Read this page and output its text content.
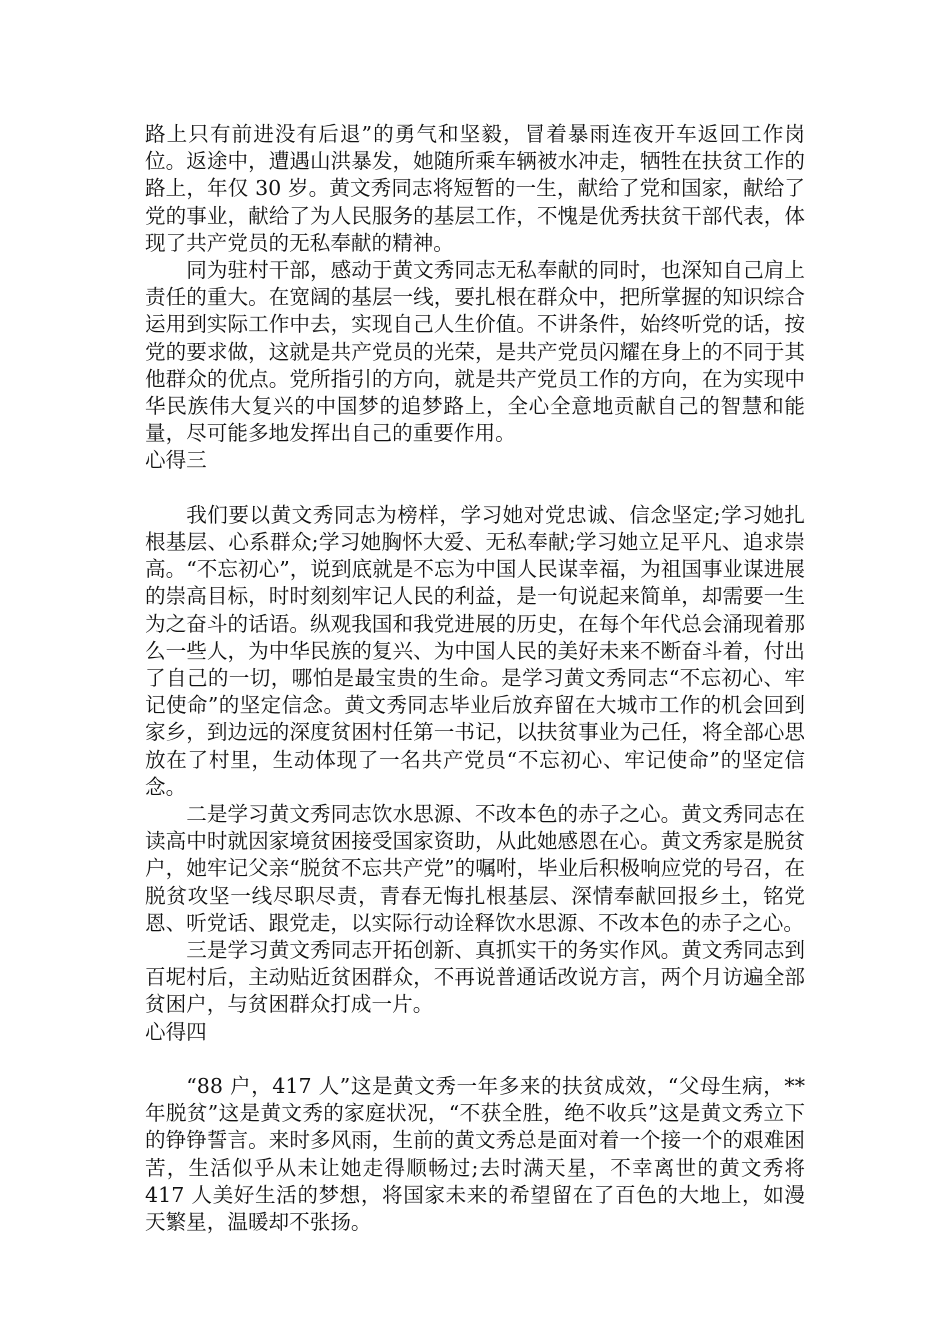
路上只有前进没有后退”的勇气和坚毅，冒着暴雨连夜开车返回工作岗位。返途中，遭遇山洪暴发，她随所乘车辆被水冲走，牺牲在扶贫工作的路上，年仅 30 岁。黄文秀同志将短暂的一生，献给了党和国家，献给了党的事业，献给了为人民服务的基层工作，不愧是优秀扶贫干部代表，体现了共产党员的无私奉献的精神。

同为驻村干部，感动于黄文秀同志无私奉献的同时，也深知自己肩上责任的重大。在宽阔的基层一线，要扎根在群众中，把所掌握的知识综合运用到实际工作中去，实现自己人生价值。不讲条件，始终听党的话，按党的要求做，这就是共产党员的光荣，是共产党员闪耀在身上的不同于其他群众的优点。党所指引的方向，就是共产党员工作的方向，在为实现中华民族伟大复兴的中国梦的追梦路上，全心全意地贡献自己的智慧和能量，尽可能多地发挥出自己的重要作用。

心得三

我们要以黄文秀同志为榜样，学习她对党忠诚、信念坚定;学习她扎根基层、心系群众;学习她胸怀大爱、无私奉献;学习她立足平凡、追求崇高。“不忘初心”，说到底就是不忘为中国人民谋幸福，为祖国事业谋进展的崇高目标，时时刻刻牢记人民的利益，是一句说起来简单，却需要一生为之奋斗的话语。纵观我国和我党进展的历史，在每个年代总会涌现着那么一些人，为中华民族的复兴、为中国人民的美好未来不断奋斗着，付出了自己的一切，哪怕是最宝贵的生命。是学习黄文秀同志“不忘初心、牢记使命”的坚定信念。黄文秀同志毕业后放弃留在大城市工作的机会回到家乡，到边远的深度贫困村任第一书记，以扶贫事业为己任，将全部心思放在了村里，生动体现了一名共产党员“不忘初心、牢记使命”的坚定信念。

二是学习黄文秀同志饮水思源、不改本色的赤子之心。黄文秀同志在读高中时就因家境贫困接受国家资助，从此她感恩在心。黄文秀家是脱贫户，她牢记父亲“脱贫不忘共产党”的嘱咐，毕业后积极响应党的号召，在脱贫攻坚一线尽职尽责，青春无悔扎根基层、深情奉献回报乡土，铭党恩、听党话、跟党走，以实际行动诠释饮水思源、不改本色的赤子之心。

三是学习黄文秀同志开拓创新、真抓实干的务实作风。黄文秀同志到百坭村后，主动贴近贫困群众，不再说普通话改说方言，两个月访遍全部贫困户，与贫困群众打成一片。

心得四

“88 户，417 人”这是黄文秀一年多来的扶贫成效，“父母生病，**年脱贫”这是黄文秀的家庭状况，“不获全胜，绝不收兵”这是黄文秀立下的铮铮誓言。来时多风雨，生前的黄文秀总是面对着一个接一个的艰难困苦，生活似乎从未让她走得顺畅过;去时满天星，不幸离世的黄文秀将 417 人美好生活的梦想，将国家未来的希望留在了百色的大地上，如漫天繁星，温暖却不张扬。
